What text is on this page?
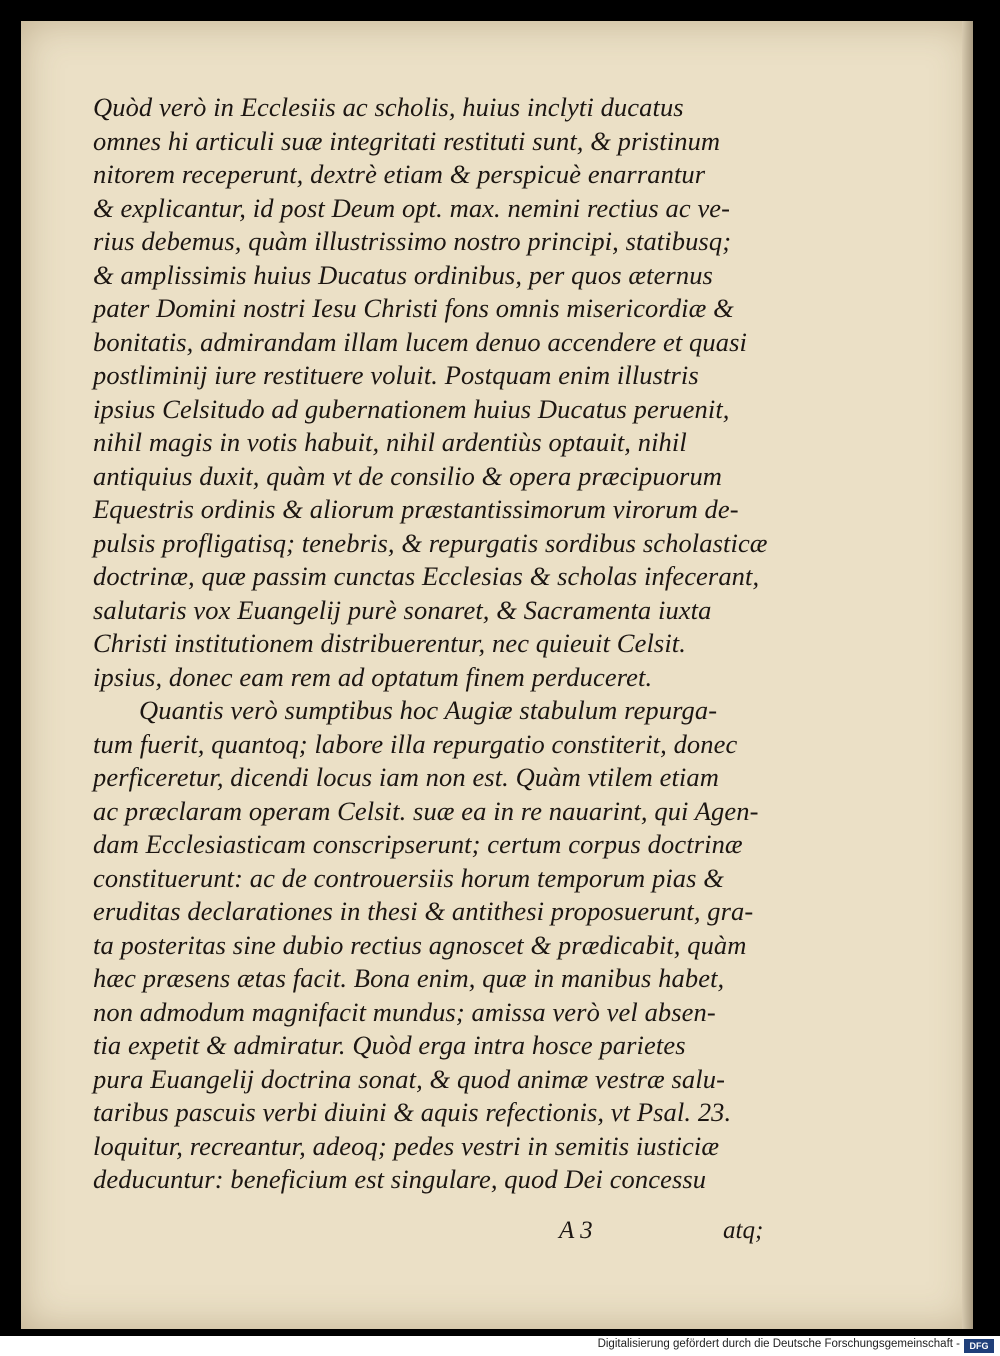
Quòd verò in Ecclesiis ac scholis, huius inclyti ducatus
omnes hi articuli suæ integritati restituti sunt, & pristinum
nitorem receperunt, dextrè etiam & perspicuè enarrantur
& explicantur, id post Deum opt. max. nemini rectius ac ve-
rius debemus, quàm illustrissimo nostro principi, statibusq;
& amplissimis huius Ducatus ordinibus, per quos æternus
pater Domini nostri Iesu Christi fons omnis misericordiæ &
bonitatis, admirandam illam lucem denuo accendere et quasi
postliminij iure restituere voluit. Postquam enim illustris
ipsius Celsitudo ad gubernationem huius Ducatus peruenit,
nihil magis in votis habuit, nihil ardentiùs optauit, nihil
antiquius duxit, quàm vt de consilio & opera præcipuorum
Equestris ordinis & aliorum præstantissimorum virorum de-
pulsis profligatisq; tenebris, & repurgatis sordibus scholasticæ
doctrinæ, quæ passim cunctas Ecclesias & scholas infecerant,
salutaris vox Euangelij purè sonaret, & Sacramenta iuxta
Christi institutionem distribuerentur, nec quieuit Celsit.
ipsius, donec eam rem ad optatum finem perduceret.
Quantis verò sumptibus hoc Augiæ stabulum repurga-
tum fuerit, quantoq; labore illa repurgatio constiterit, donec
perficeretur, dicendi locus iam non est. Quàm vtilem etiam
ac præclaram operam Celsit. suæ ea in re nauarint, qui Agen-
dam Ecclesiasticam conscripserunt; certum corpus doctrinæ
constituerunt: ac de controuersiis horum temporum pias &
eruditas declarationes in thesi & antithesi proposuerunt, gra-
ta posteritas sine dubio rectius agnoscet & prædicabit, quàm
hæc præsens ætas facit. Bona enim, quæ in manibus habet,
non admodum magnifacit mundus; amissa verò vel absen-
tia expetit & admiratur. Quòd erga intra hosce parietes
pura Euangelij doctrina sonat, & quod animæ vestræ salu-
taribus pascuis verbi diuini & aquis refectionis, vt Psal. 23.
loquitur, recreantur, adeoq; pedes vestri in semitis iusticiæ
deducuntur: beneficium est singulare, quod Dei concessu
A 3	atq;
Digitalisierung gefördert durch die Deutsche Forschungsgemeinschaft -	DFG
